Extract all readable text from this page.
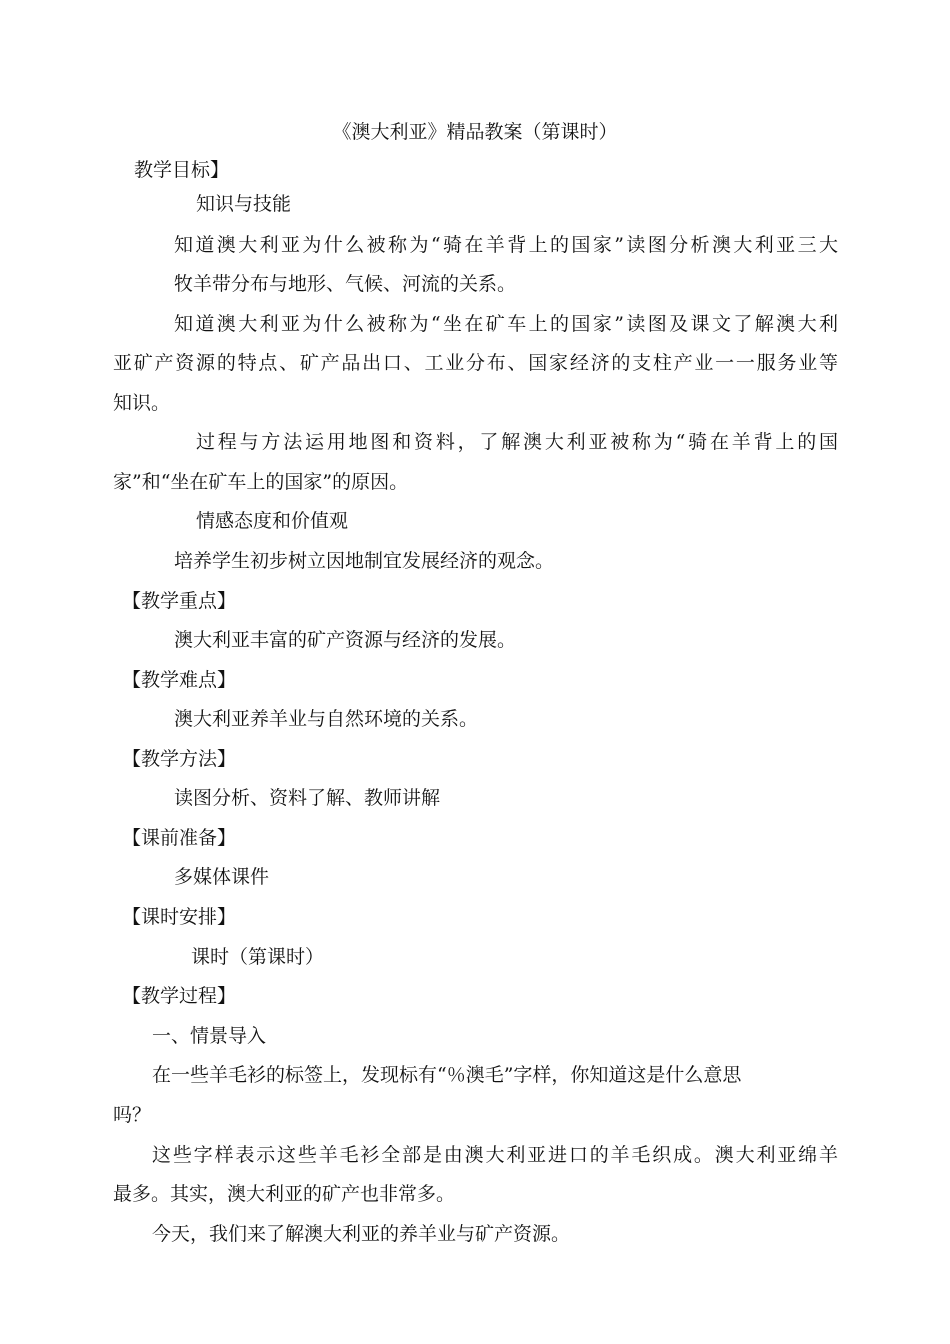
《澳大利亚》精品教案（第课时）
教学目标】
知识与技能
知道澳大利亚为什么被称为“骑在羊背上的国家”读图分析澳大利亚三大
牧羊带分布与地形、气候、河流的关系。
知道澳大利亚为什么被称为“坐在矿车上的国家”读图及课文了解澳大利
亚矿产资源的特点、矿产品出口、工业分布、国家经济的支柱产业一一服务业等
知识。
过程与方法运用地图和资料，了解澳大利亚被称为“骑在羊背上的国
家”和“坐在矿车上的国家”的原因。
情感态度和价值观
培养学生初步树立因地制宜发展经济的观念。
【教学重点】
澳大利亚丰富的矿产资源与经济的发展。
【教学难点】
澳大利亚养羊业与自然环境的关系。
【教学方法】
读图分析、资料了解、教师讲解
【课前准备】
多媒体课件
【课时安排】
课时（第课时）
【教学过程】
一、情景导入
在一些羊毛衫的标签上，发现标有“％澳毛”字样，你知道这是什么意思
吗？
这些字样表示这些羊毛衫全部是由澳大利亚进口的羊毛织成。澳大利亚绵羊
最多。其实，澳大利亚的矿产也非常多。
今天，我们来了解澳大利亚的养羊业与矿产资源。
